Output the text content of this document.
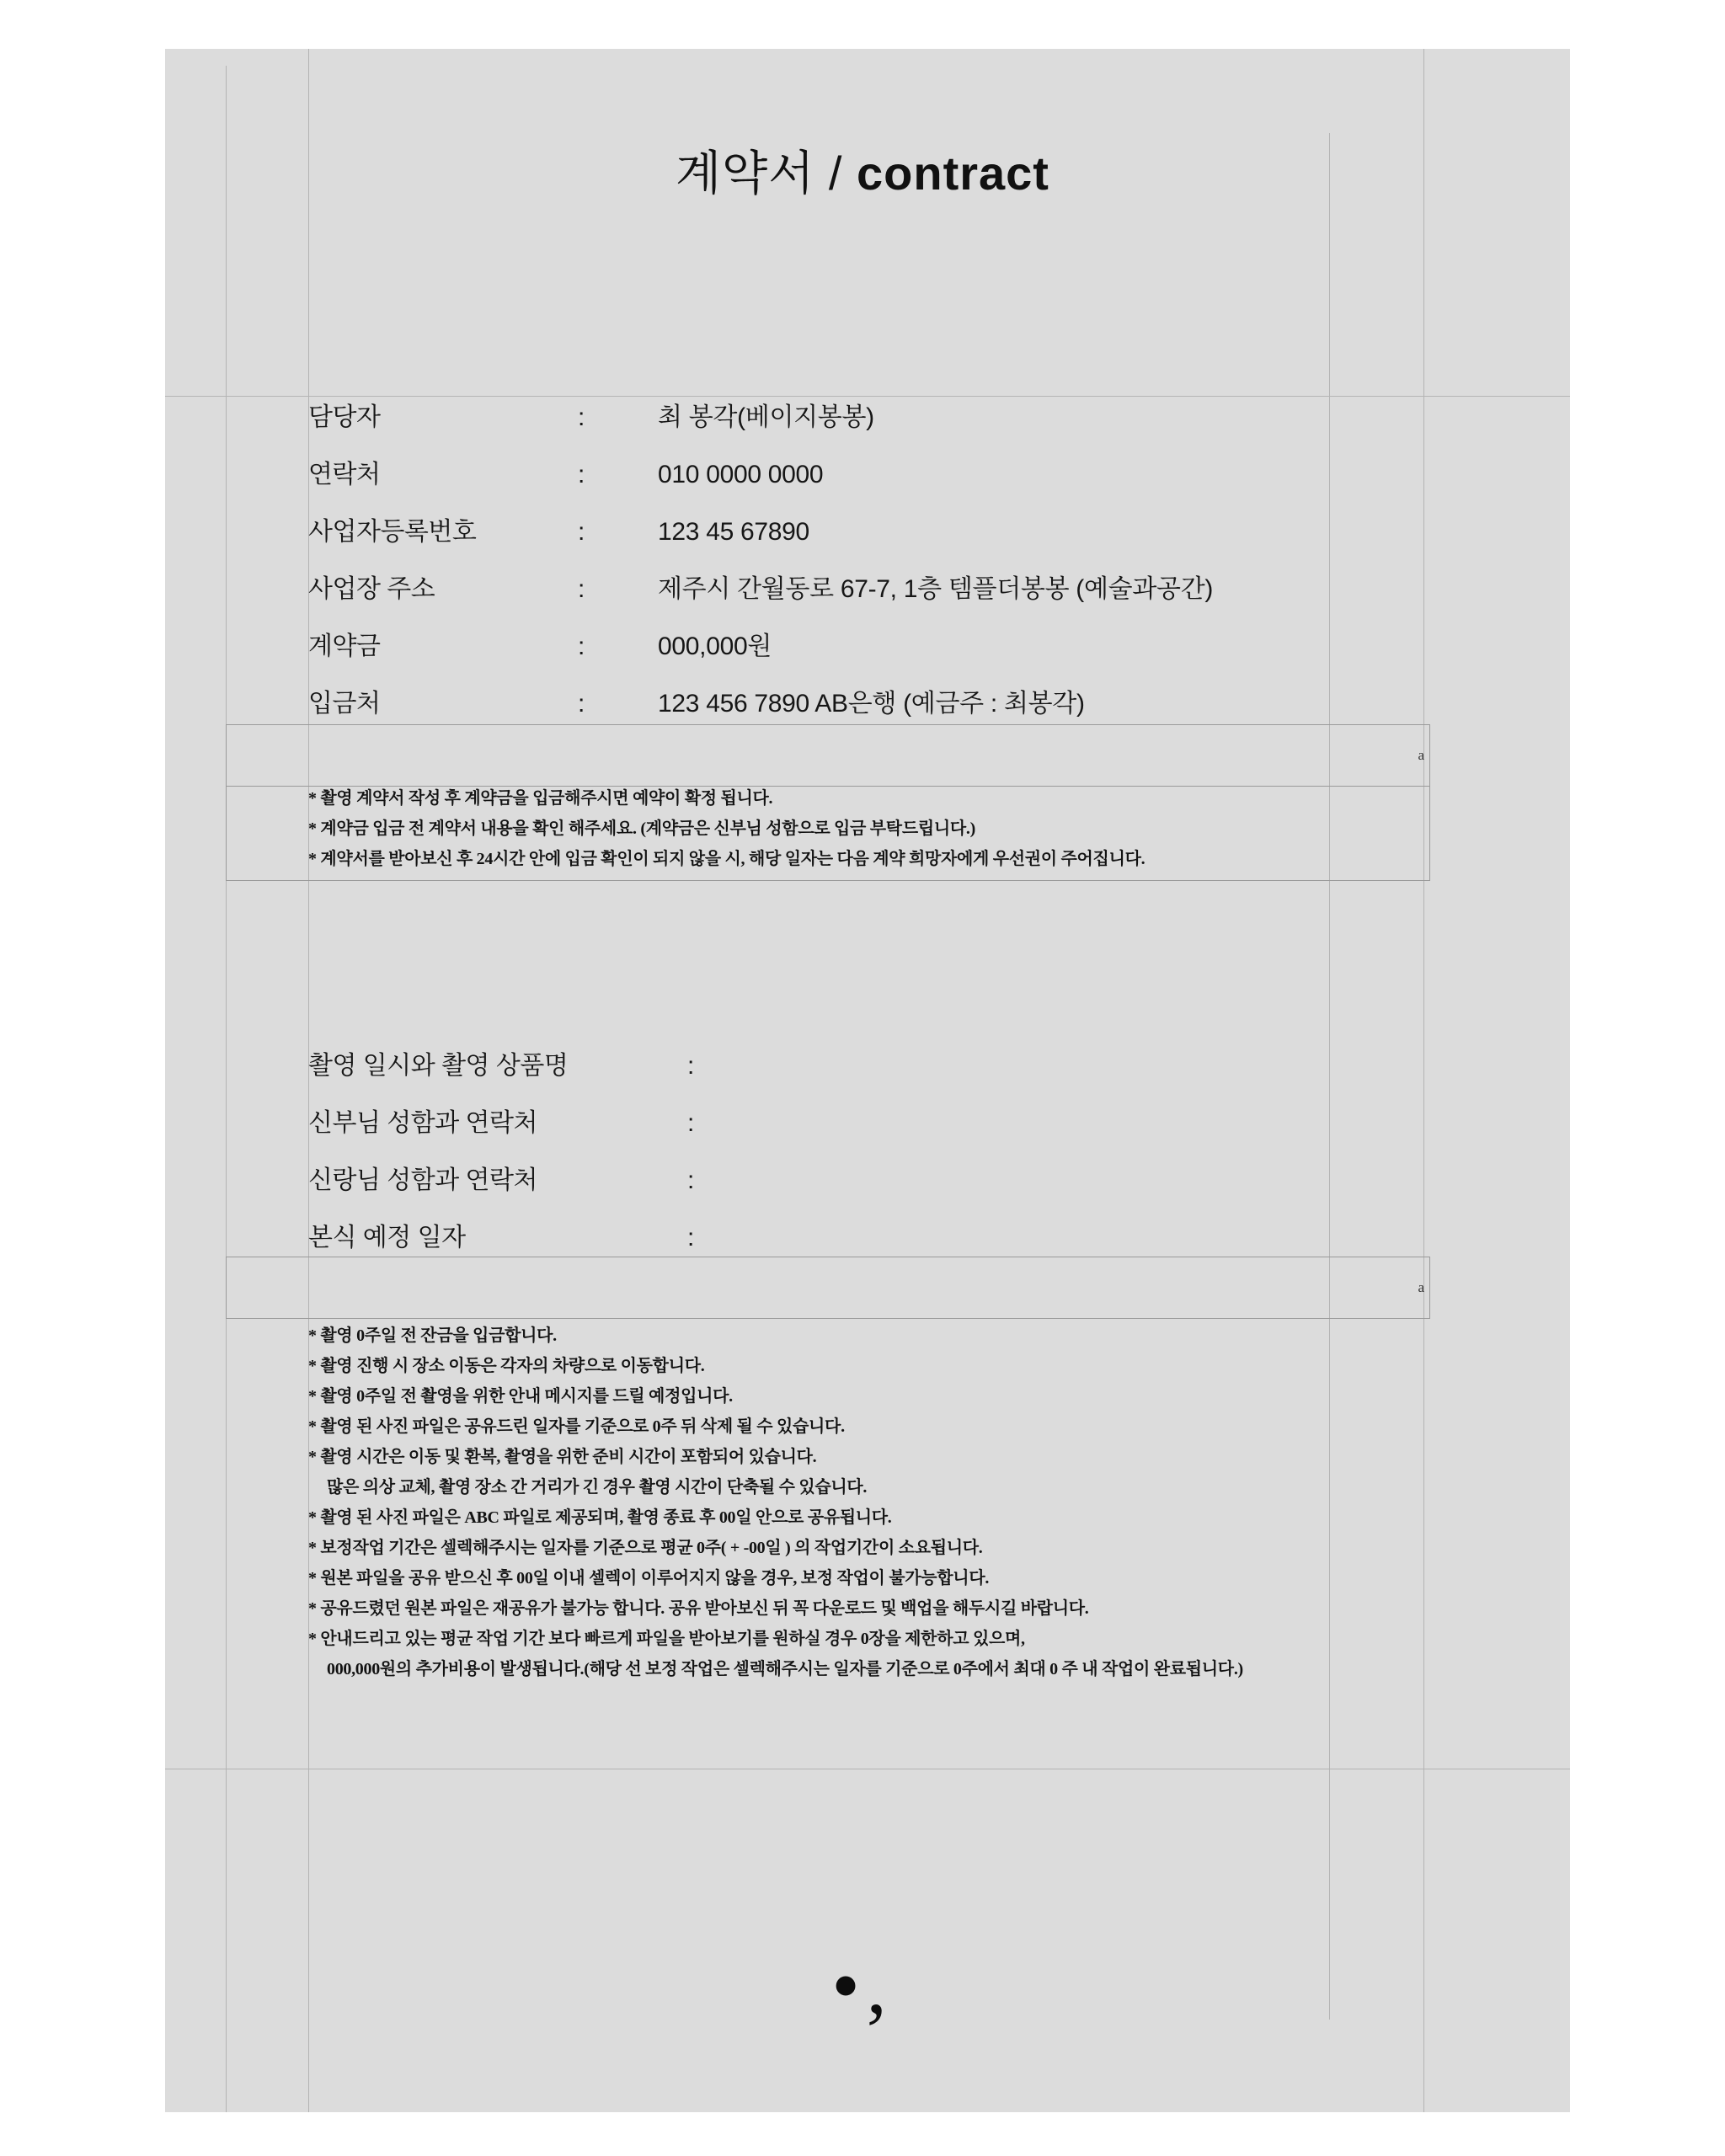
계약서 / contract
담당자	:	최 봉각(베이지봉봉)
연락처	:	010 0000 0000
사업자등록번호	:	123 45 67890
사업장 주소	:	제주시 간월동로 67-7, 1층 템플더봉봉 (예술과공간)
계약금	:	000,000원
입금처	:	123 456 7890 AB은행 (예금주 : 최봉각)
a
* 촬영 계약서 작성 후 계약금을 입금해주시면 예약이 확정 됩니다.
* 계약금 입금 전 계약서 내용을 확인 해주세요. (계약금은 신부님 성함으로 입금 부탁드립니다.)
* 계약서를 받아보신 후 24시간 안에 입금 확인이 되지 않을 시, 해당 일자는 다음 계약 희망자에게 우선권이 주어집니다.
촬영 일시와 촬영 상품명	:
신부님 성함과 연락처	:
신랑님 성함과 연락처	:
본식 예정 일자	:
a
* 촬영 0주일 전 잔금을 입금합니다.
* 촬영 진행 시 장소 이동은 각자의 차량으로 이동합니다.
* 촬영 0주일 전 촬영을 위한 안내 메시지를 드릴 예정입니다.
* 촬영 된 사진 파일은 공유드린 일자를 기준으로 0주 뒤 삭제 될 수 있습니다.
* 촬영 시간은 이동 및 환복, 촬영을 위한 준비 시간이 포함되어 있습니다.
많은 의상 교체, 촬영 장소 간 거리가 긴 경우 촬영 시간이 단축될 수 있습니다.
* 촬영 된 사진 파일은 ABC 파일로 제공되며, 촬영 종료 후 00일 안으로 공유됩니다.
* 보정작업 기간은 셀렉해주시는 일자를 기준으로 평균 0주( + -00일 ) 의 작업기간이 소요됩니다.
* 원본 파일을 공유 받으신 후 00일 이내 셀렉이 이루어지지 않을 경우, 보정 작업이 불가능합니다.
* 공유드렸던 원본 파일은 재공유가 불가능 합니다. 공유 받아보신 뒤 꼭 다운로드 및 백업을 해두시길 바랍니다.
* 안내드리고 있는 평균 작업 기간 보다 빠르게 파일을 받아보기를 원하실 경우 0장을 제한하고 있으며,
000,000원의 추가비용이 발생됩니다.(해당 선 보정 작업은 셀렉해주시는 일자를 기준으로 0주에서 최대 0 주 내 작업이 완료됩니다.)
•,
